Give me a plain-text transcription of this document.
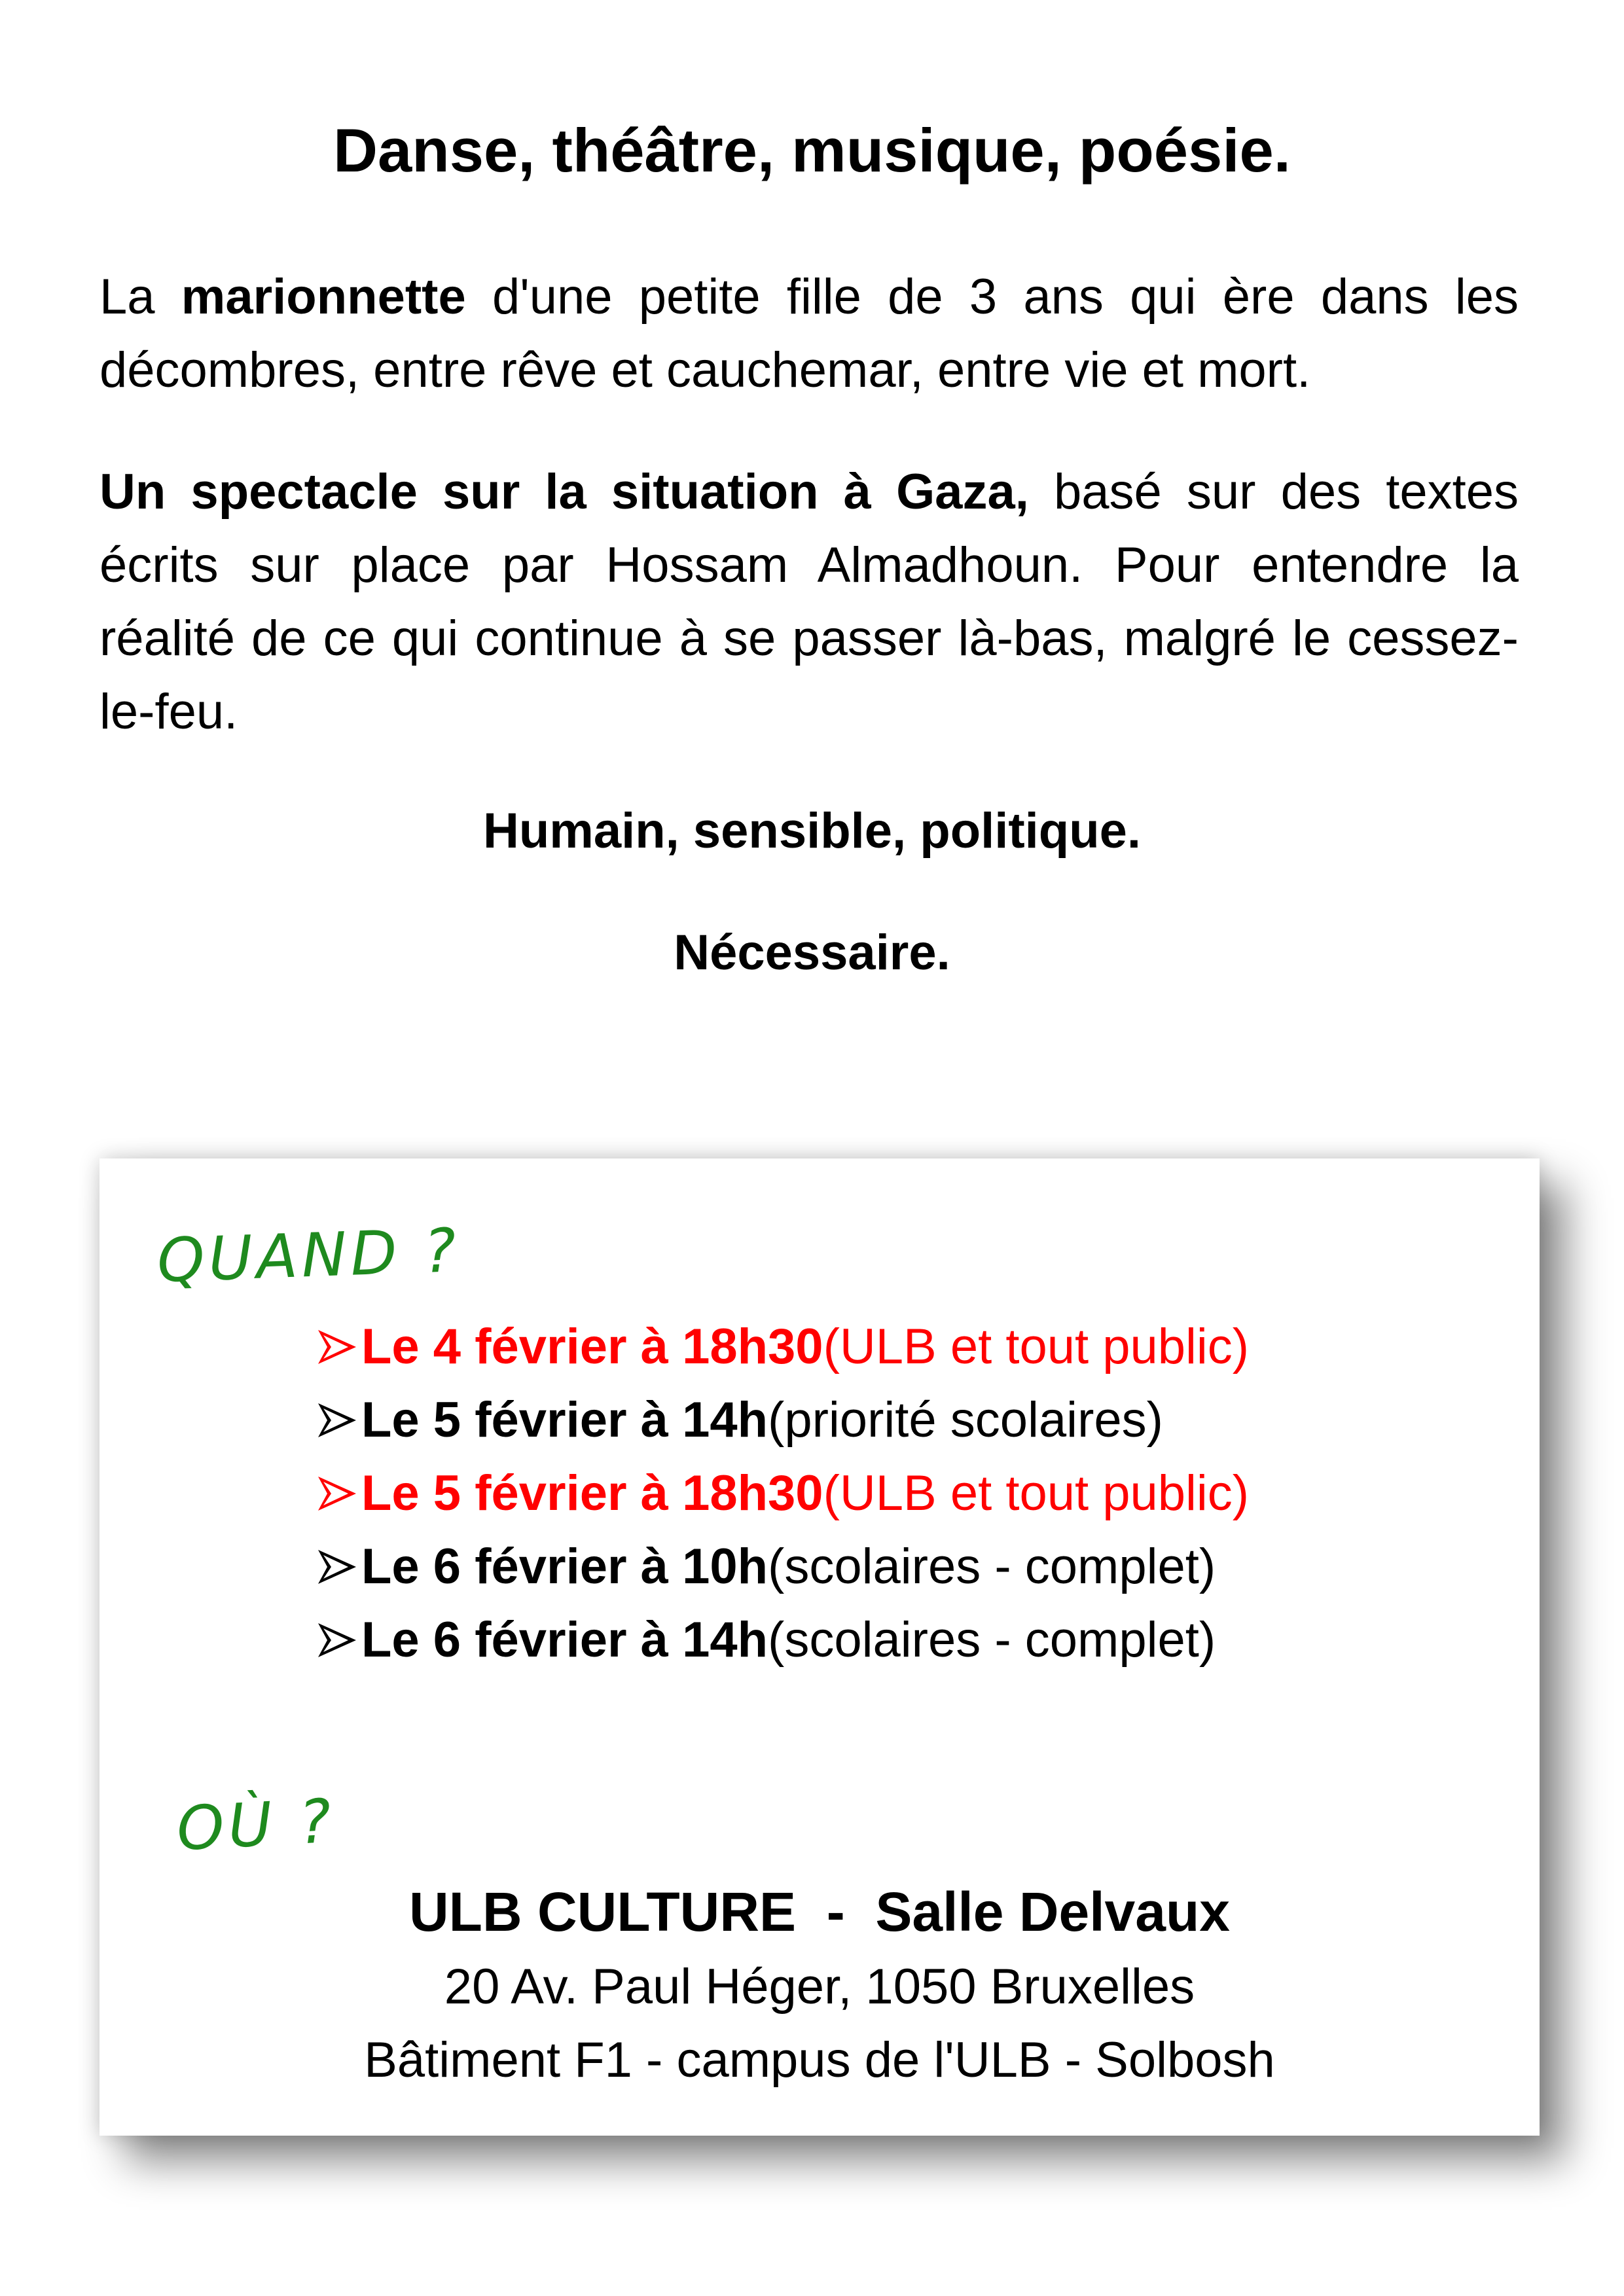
Danse, théâtre, musique, poésie.
La marionnette d'une petite fille de 3 ans qui ère dans les décombres, entre rêve et cauchemar, entre vie et mort.
Un spectacle sur la situation à Gaza, basé sur des textes écrits sur place par Hossam Almadhoun. Pour entendre la réalité de ce qui continue à se passer là-bas, malgré le cessez-le-feu.
Humain, sensible, politique.
Nécessaire.
QUAND ?
Le 4 février à 18h30 (ULB et tout public)
Le 5 février à 14h (priorité scolaires)
Le 5 février à 18h30 (ULB et tout public)
Le 6 février à 10h (scolaires - complet)
Le 6 février à 14h (scolaires - complet)
OÙ ?
ULB CULTURE  -  Salle Delvaux
20 Av. Paul Héger, 1050 Bruxelles
Bâtiment F1 - campus de l'ULB - Solbosh
